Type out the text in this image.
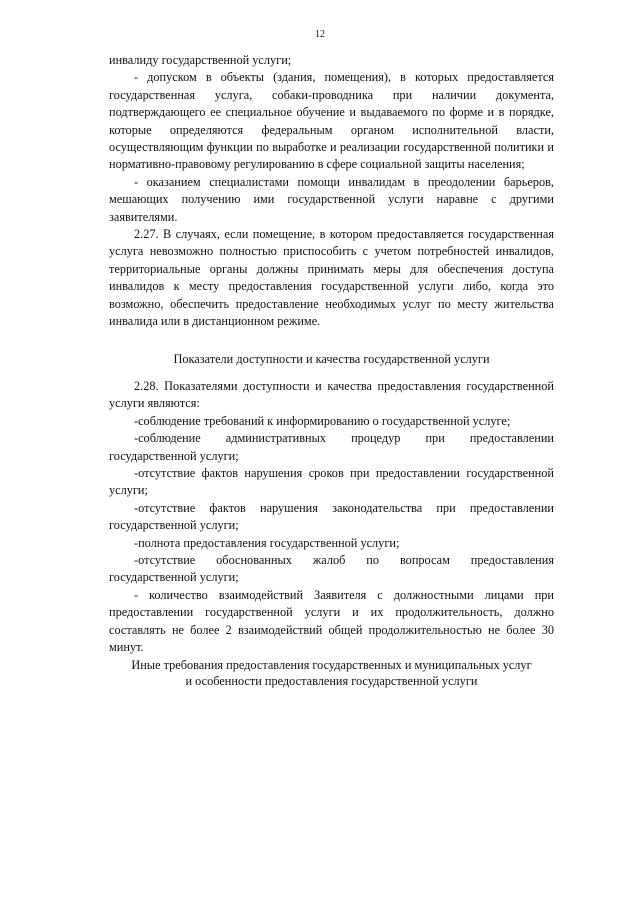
12

инвалиду государственной услуги;

- допуском в объекты (здания, помещения), в которых предоставляется государственная услуга, собаки-проводника при наличии документа, подтверждающего ее специальное обучение и выдаваемого по форме и в порядке, которые определяются федеральным органом исполнительной власти, осуществляющим функции по выработке и реализации государственной политики и нормативно-правовому регулированию в сфере социальной защиты населения;

- оказанием специалистами помощи инвалидам в преодолении барьеров, мешающих получению ими государственной услуги наравне с другими заявителями.

2.27. В случаях, если помещение, в котором предоставляется государственная услуга невозможно полностью приспособить с учетом потребностей инвалидов, территориальные органы должны принимать меры для обеспечения доступа инвалидов к месту предоставления государственной услуги либо, когда это возможно, обеспечить предоставление необходимых услуг по месту жительства инвалида или в дистанционном режиме.

Показатели доступности и качества государственной услуги

2.28. Показателями доступности и качества предоставления государственной услуги являются:

-соблюдение требований к информированию о государственной услуге;

-соблюдение административных процедур при предоставлении государственной услуги;

-отсутствие фактов нарушения сроков при предоставлении государственной услуги;

-отсутствие фактов нарушения законодательства при предоставлении государственной услуги;

-полнота предоставления государственной услуги;

-отсутствие обоснованных жалоб по вопросам предоставления государственной услуги;

- количество взаимодействий Заявителя с должностными лицами при предоставлении государственной услуги и их продолжительность, должно составлять не более 2 взаимодействий общей продолжительностью не более 30 минут.

Иные требования предоставления государственных и муниципальных услуг

и особенности предоставления государственной услуги
